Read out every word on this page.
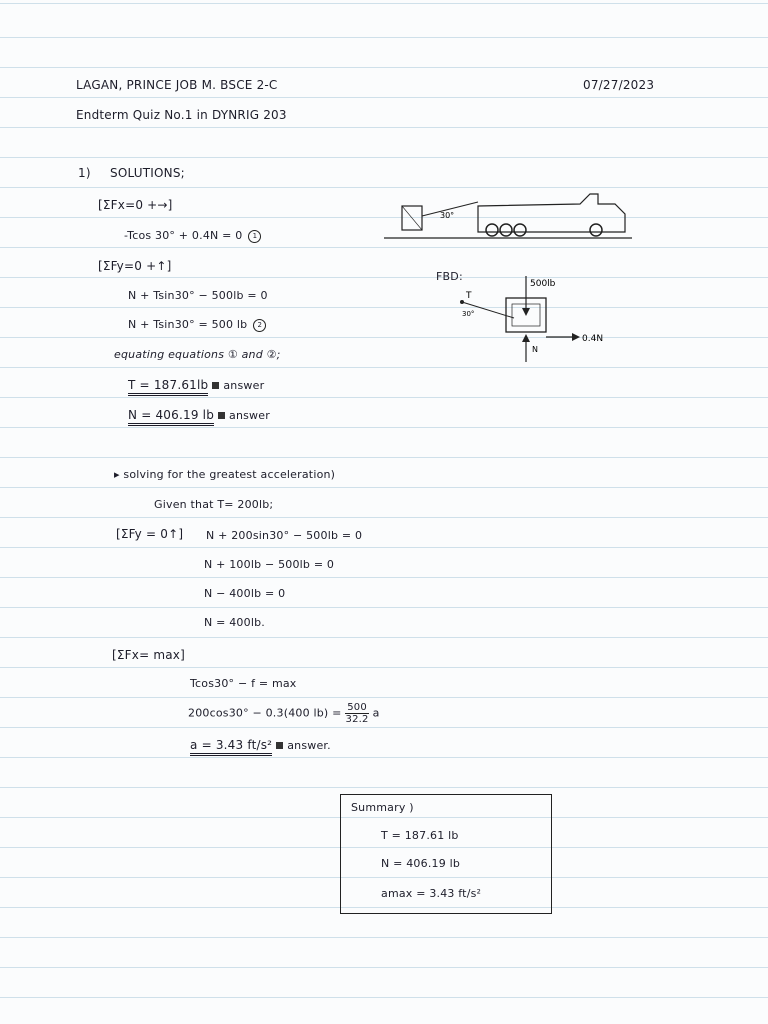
LAGAN, PRINCE JOB M. BSCE 2-C	07/27/2023
Endterm Quiz No.1 in DYNRIG 203
1) SOLUTIONS;
[ΣFx=0 +→]
-Tcos 30° + 0.4N = 0 1
[ΣFy=0 +↑]
N + Tsin30° − 500lb = 0
N + Tsin30° = 500 lb 2
equating equations ① and ②;
T = 187.61lb answer
N = 406.19 lb answer
30°
FBD:
500lb
T
30°
0.4N
N
▸ solving for the greatest acceleration)
Given that T= 200lb;
[ΣFy = 0↑] N + 200sin30° − 500lb = 0
N + 100lb − 500lb = 0
N − 400lb = 0
N = 400lb.
[ΣFx= max]
Tcos30° − f = max
200cos30° − 0.3(400 $lb) = \frac{500}{32.2}$ a
a = 3.43 ft/s² answer.
Summary )
T = 187.61 lb
N = 406.19 lb
amax = 3.43 ft/s²
